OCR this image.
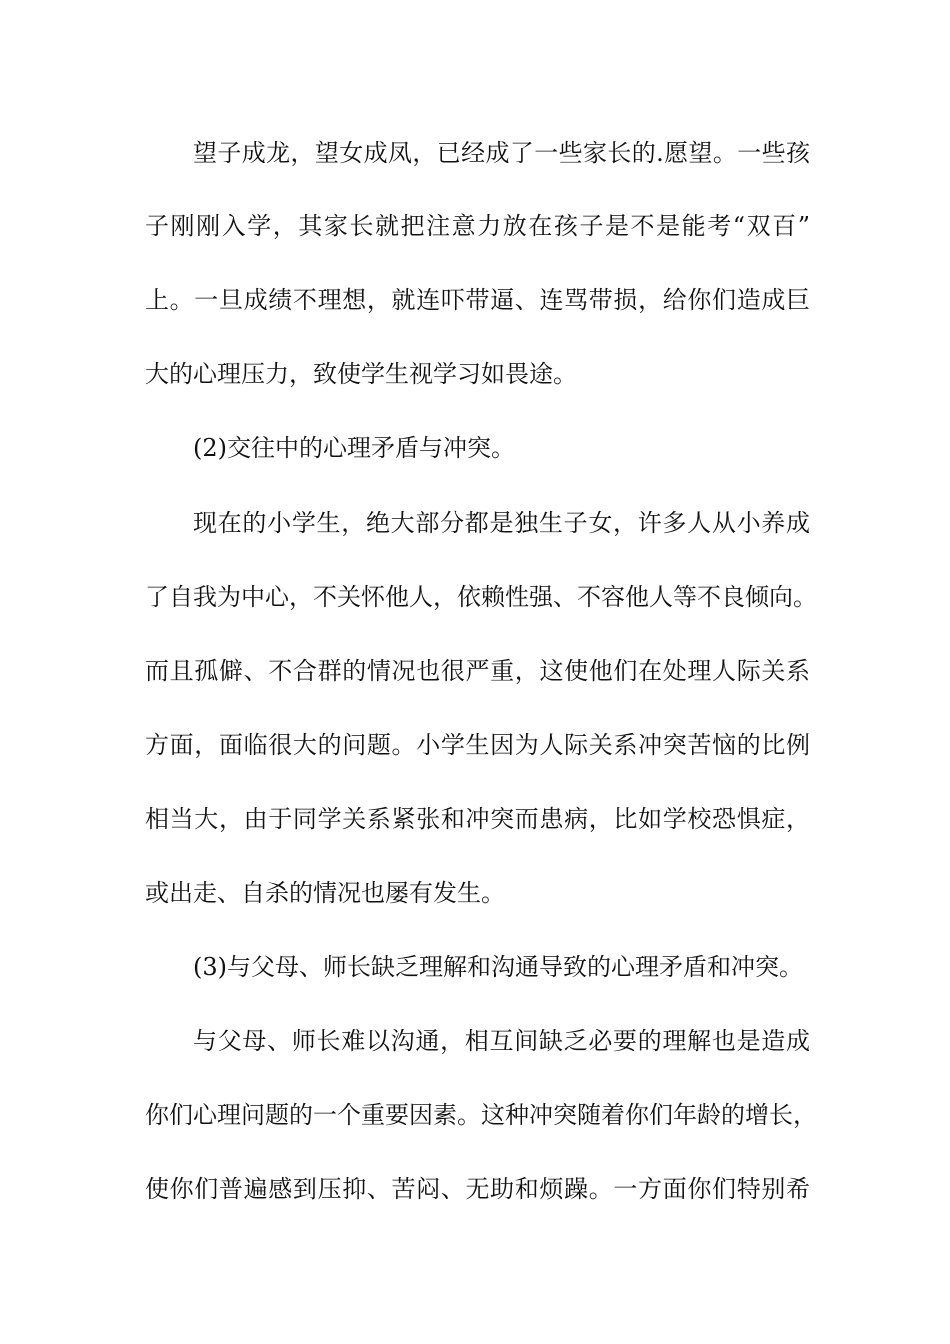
望子成龙，望女成凤，已经成了一些家长的.愿望。一些孩
子刚刚入学，其家长就把注意力放在孩子是不是能考“双百”
上。一旦成绩不理想，就连吓带逼、连骂带损，给你们造成巨
大的心理压力，致使学生视学习如畏途。
(2)交往中的心理矛盾与冲突。
现在的小学生，绝大部分都是独生子女，许多人从小养成
了自我为中心，不关怀他人，依赖性强、不容他人等不良倾向。
而且孤僻、不合群的情况也很严重，这使他们在处理人际关系
方面，面临很大的问题。小学生因为人际关系冲突苦恼的比例
相当大，由于同学关系紧张和冲突而患病，比如学校恐惧症，
或出走、自杀的情况也屡有发生。
(3)与父母、师长缺乏理解和沟通导致的心理矛盾和冲突。
与父母、师长难以沟通，相互间缺乏必要的理解也是造成
你们心理问题的一个重要因素。这种冲突随着你们年龄的增长，
使你们普遍感到压抑、苦闷、无助和烦躁。一方面你们特别希
